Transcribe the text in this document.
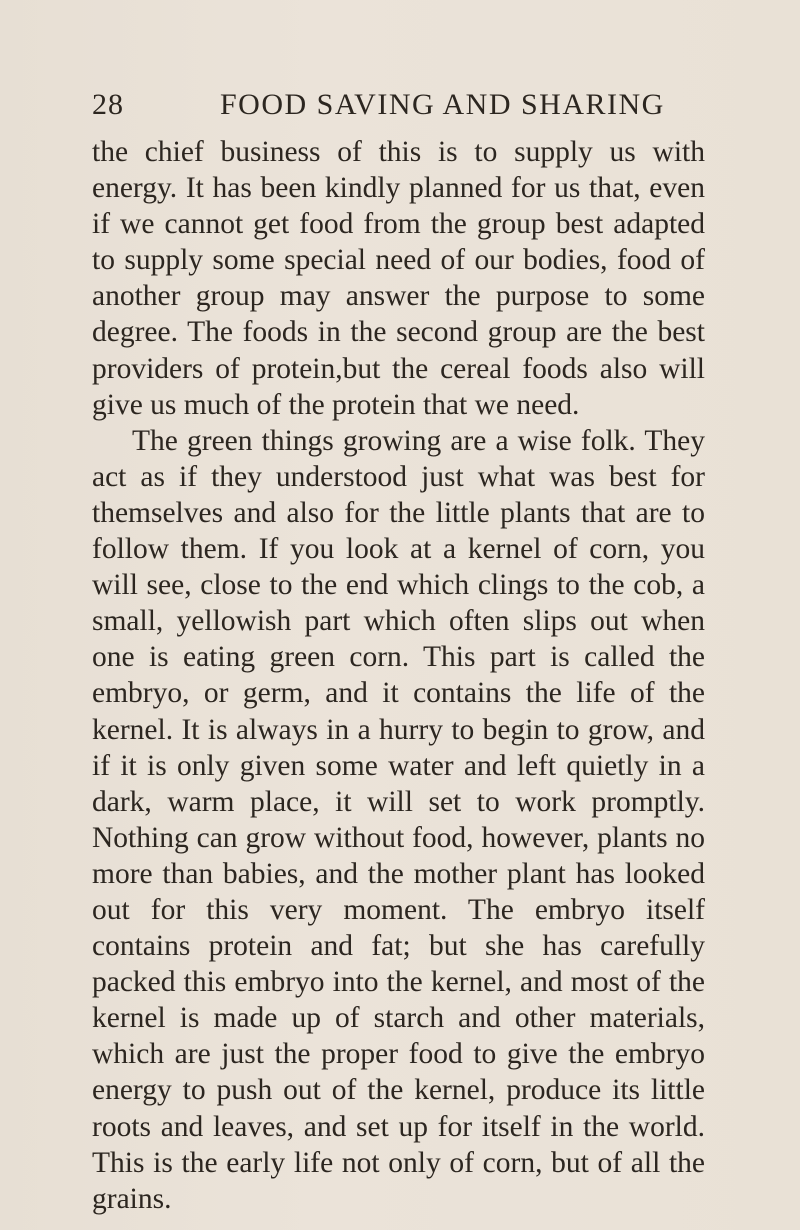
28	FOOD SAVING AND SHARING

the chief business of this is to supply us with energy. It has been kindly planned for us that, even if we cannot get food from the group best adapted to supply some special need of our bodies, food of another group may answer the purpose to some degree. The foods in the second group are the best providers of protein,but the cereal foods also will give us much of the protein that we need.

The green things growing are a wise folk. They act as if they understood just what was best for themselves and also for the little plants that are to follow them. If you look at a kernel of corn, you will see, close to the end which clings to the cob, a small, yellowish part which often slips out when one is eating green corn. This part is called the embryo, or germ, and it contains the life of the kernel. It is always in a hurry to begin to grow, and if it is only given some water and left quietly in a dark, warm place, it will set to work promptly. Nothing can grow without food, however, plants no more than babies, and the mother plant has looked out for this very moment. The embryo itself contains protein and fat; but she has carefully packed this embryo into the kernel, and most of the kernel is made up of starch and other materials, which are just the proper food to give the embryo energy to push out of the kernel, produce its little roots and leaves, and set up for itself in the world. This is the early life not only of corn, but of all the grains.
